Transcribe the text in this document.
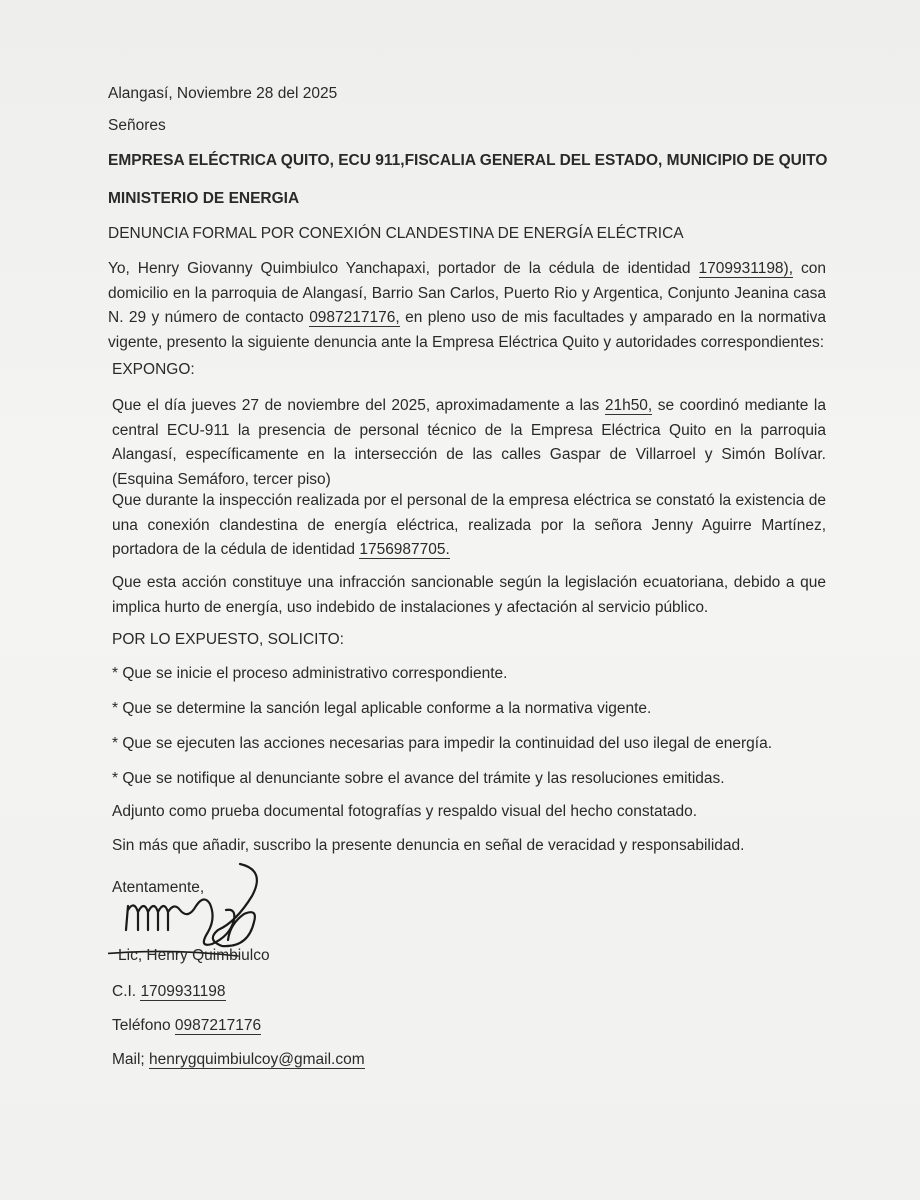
Alangasí, Noviembre 28 del 2025
Señores
EMPRESA ELÉCTRICA QUITO, ECU 911,FISCALIA GENERAL DEL ESTADO, MUNICIPIO DE QUITO
MINISTERIO DE ENERGIA
DENUNCIA FORMAL POR CONEXIÓN CLANDESTINA DE ENERGÍA ELÉCTRICA
Yo, Henry Giovanny Quimbiulco Yanchapaxi, portador de la cédula de identidad 1709931198), con domicilio en la parroquia de Alangasí, Barrio San Carlos, Puerto Rio y Argentica, Conjunto Jeanina casa N. 29 y número de contacto 0987217176, en pleno uso de mis facultades y amparado en la normativa vigente, presento la siguiente denuncia ante la Empresa Eléctrica Quito y autoridades correspondientes:
EXPONGO:
Que el día jueves 27 de noviembre del 2025, aproximadamente a las 21h50, se coordinó mediante la central ECU-911 la presencia de personal técnico de la Empresa Eléctrica Quito en la parroquia Alangasí, específicamente en la intersección de las calles Gaspar de Villarroel y Simón Bolívar. (Esquina Semáforo, tercer piso)
Que durante la inspección realizada por el personal de la empresa eléctrica se constató la existencia de una conexión clandestina de energía eléctrica, realizada por la señora Jenny Aguirre Martínez, portadora de la cédula de identidad 1756987705.
Que esta acción constituye una infracción sancionable según la legislación ecuatoriana, debido a que implica hurto de energía, uso indebido de instalaciones y afectación al servicio público.
POR LO EXPUESTO, SOLICITO:
* Que se inicie el proceso administrativo correspondiente.
* Que se determine la sanción legal aplicable conforme a la normativa vigente.
* Que se ejecuten las acciones necesarias para impedir la continuidad del uso ilegal de energía.
* Que se notifique al denunciante sobre el avance del trámite y las resoluciones emitidas.
Adjunto como prueba documental fotografías y respaldo visual del hecho constatado.
Sin más que añadir, suscribo la presente denuncia en señal de veracidad y responsabilidad.
Atentamente,
Lic, Henry Quimbiulco
C.I. 1709931198
Teléfono 0987217176
Mail; henrygquimbiulcoy@gmail.com
